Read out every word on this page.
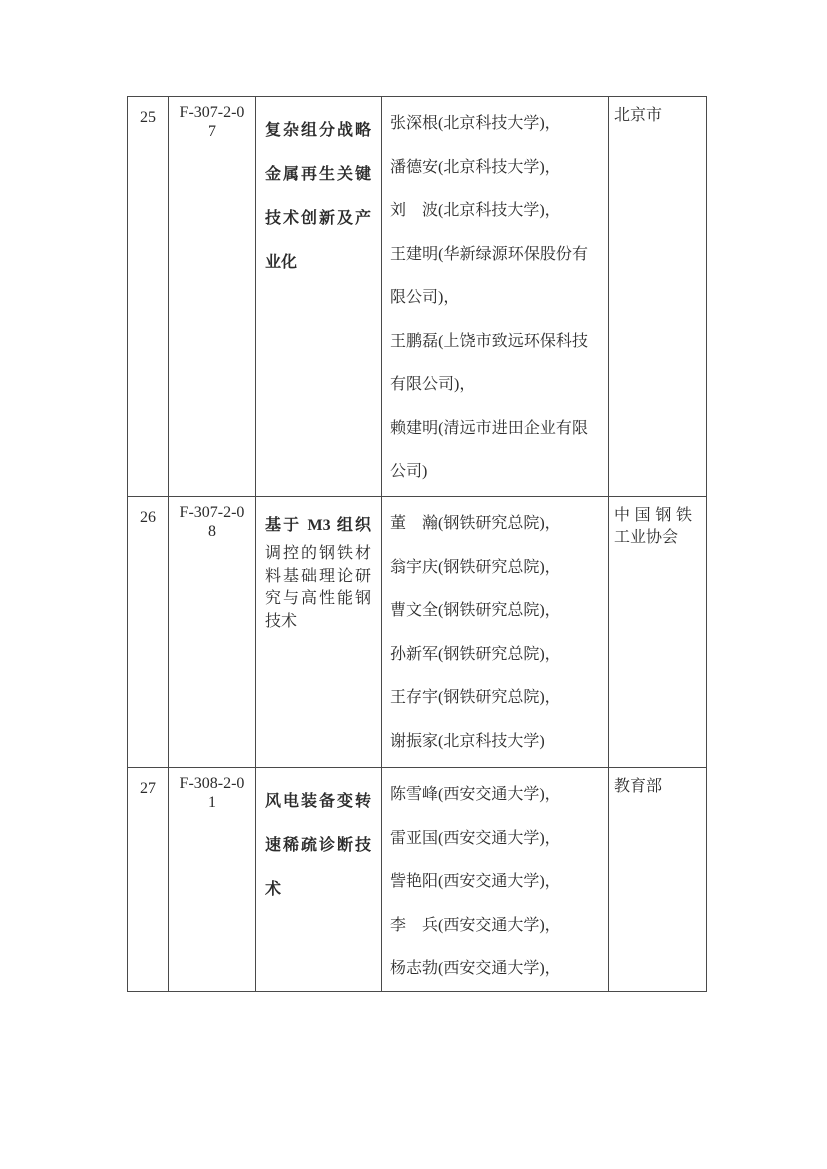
25	F-307-2-07	复杂组分战略金属再生关键技术创新及产业化

张深根(北京科技大学)，
潘德安(北京科技大学)，
刘　波(北京科技大学)，
王建明(华新绿源环保股份有限公司)，
王鹏磊(上饶市致远环保科技有限公司)，
赖建明(清远市进田企业有限公司)
	北京市
26	F-307-2-08	基于 M3 组织
调控的钢铁材料基础理论研究与高性能钢技术

董　瀚(钢铁研究总院)，
翁宇庆(钢铁研究总院)，
曹文全(钢铁研究总院)，
孙新军(钢铁研究总院)，
王存宇(钢铁研究总院)，
谢振家(北京科技大学)
	中国钢铁工业协会
27	F-308-2-01	风电装备变转速稀疏诊断技术	陈雪峰(西安交通大学)，
雷亚国(西安交通大学)，
訾艳阳(西安交通大学)，
李　兵(西安交通大学)，
杨志勃(西安交通大学)，	教育部
